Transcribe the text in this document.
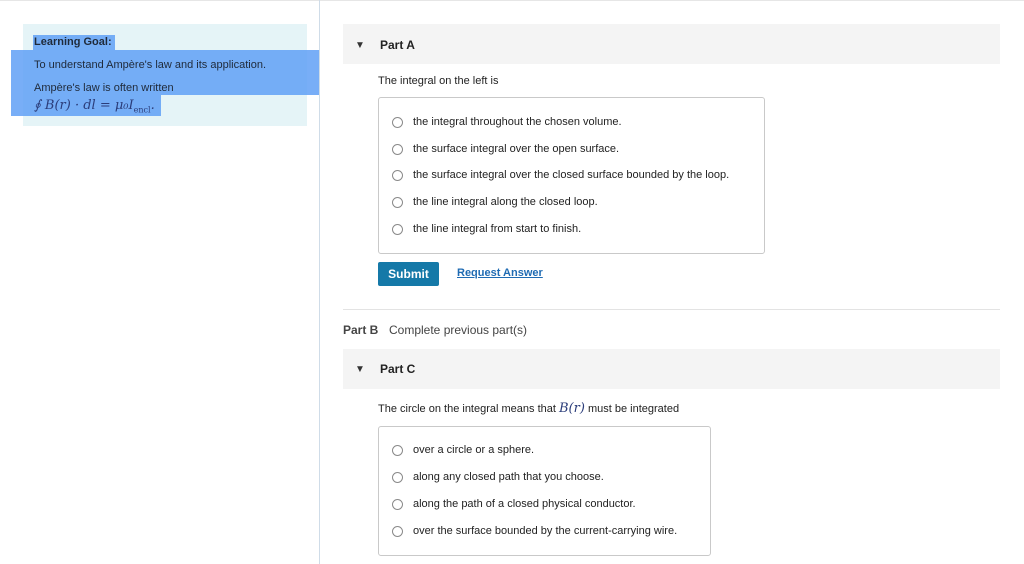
Learning Goal:
To understand Ampère's law and its application.
Ampère's law is often written
∮ B(r) · dl = $\mu_0I_{encl}$.
▼ Part A
The integral on the left is
the integral throughout the chosen volume.
the surface integral over the open surface.
the surface integral over the closed surface bounded by the loop.
the line integral along the closed loop.
the line integral from start to finish.
Submit	Request Answer
Part B Complete previous part(s)
▼ Part C
The circle on the integral means that B(r) must be integrated
over a circle or a sphere.
along any closed path that you choose.
along the path of a closed physical conductor.
over the surface bounded by the current-carrying wire.
